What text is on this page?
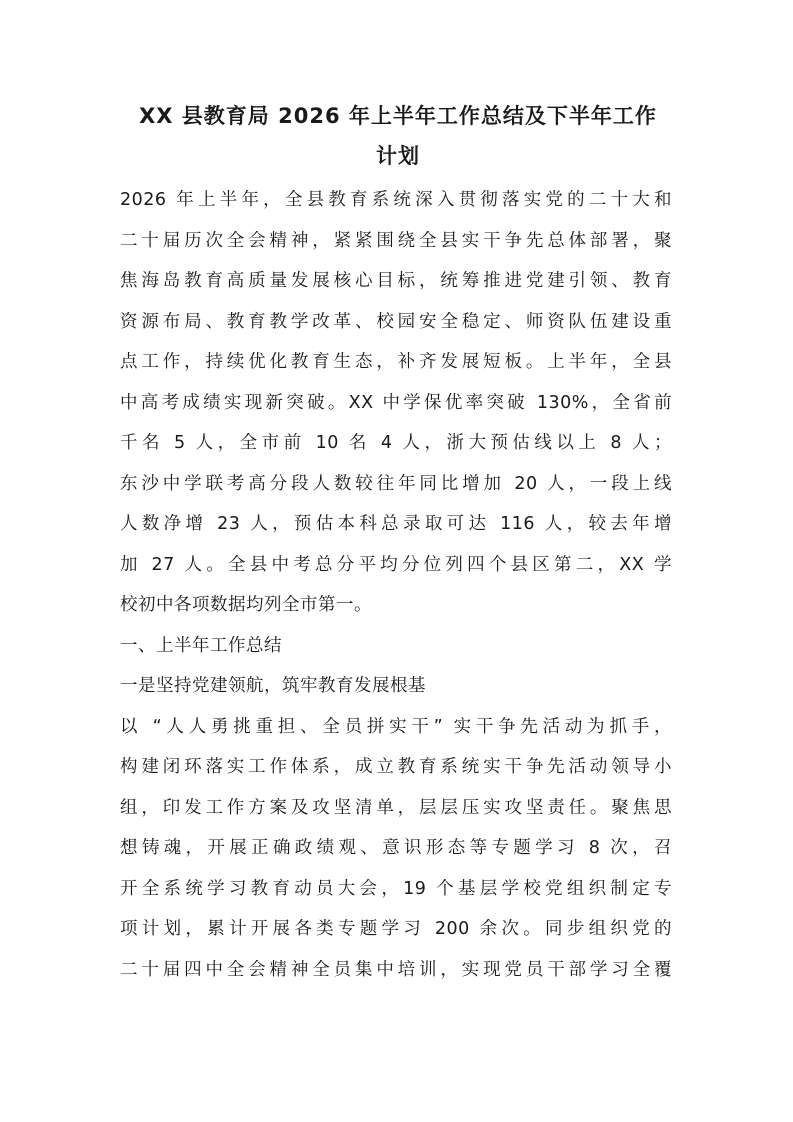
XX 县教育局 2026 年上半年工作总结及下半年工作
计划
2026 年上半年，全县教育系统深入贯彻落实党的二十大和
二十届历次全会精神，紧紧围绕全县实干争先总体部署，聚
焦海岛教育高质量发展核心目标，统筹推进党建引领、教育
资源布局、教育教学改革、校园安全稳定、师资队伍建设重
点工作，持续优化教育生态，补齐发展短板。上半年，全县
中高考成绩实现新突破。XX 中学保优率突破 130%，全省前
千名 5 人，全市前 10 名 4 人，浙大预估线以上 8 人；
东沙中学联考高分段人数较往年同比增加 20 人，一段上线
人数净增 23 人，预估本科总录取可达 116 人，较去年增
加 27 人。全县中考总分平均分位列四个县区第二，XX 学
校初中各项数据均列全市第一。
一、上半年工作总结
一是坚持党建领航，筑牢教育发展根基
以 “人人勇挑重担、全员拼实干” 实干争先活动为抓手，
构建闭环落实工作体系，成立教育系统实干争先活动领导小
组，印发工作方案及攻坚清单，层层压实攻坚责任。聚焦思
想铸魂，开展正确政绩观、意识形态等专题学习 8 次，召
开全系统学习教育动员大会，19 个基层学校党组织制定专
项计划，累计开展各类专题学习 200 余次。同步组织党的
二十届四中全会精神全员集中培训，实现党员干部学习全覆
